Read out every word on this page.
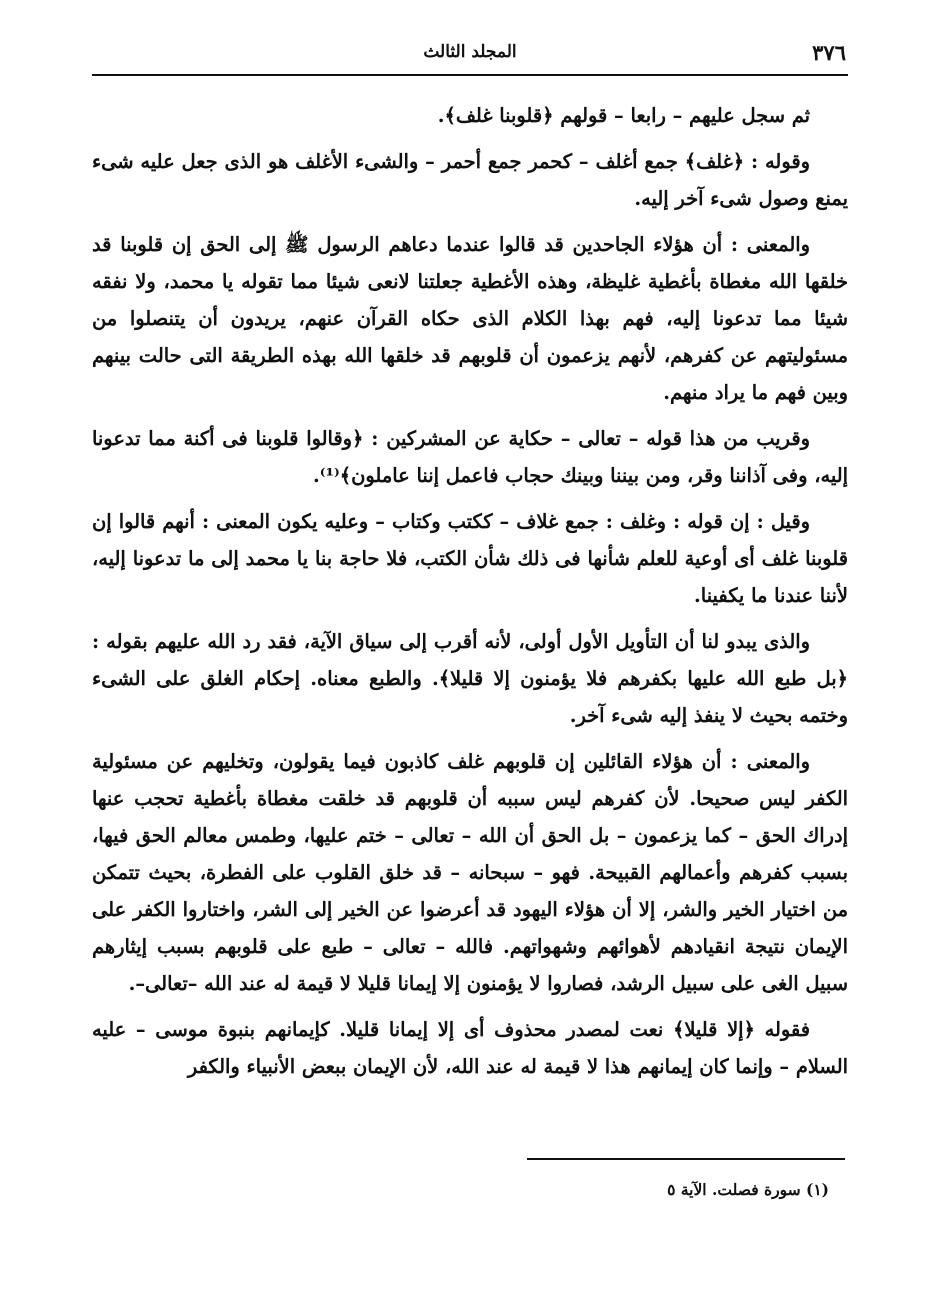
٣٧٦
المجلد الثالث

ثم سجل عليهم – رابعا – قولهم ﴿قلوبنا غلف﴾.

وقوله : ﴿غلف﴾ جمع أغلف – كحمر جمع أحمر – والشىء الأغلف هو الذى جعل عليه شىء يمنع وصول شىء آخر إليه.

والمعنى : أن هؤلاء الجاحدين قد قالوا عندما دعاهم الرسول ﷺ إلى الحق إن قلوبنا قد خلقها الله مغطاة بأغطية غليظة، وهذه الأغطية جعلتنا لانعى شيئا مما تقوله يا محمد، ولا نفقه شيئا مما تدعونا إليه، فهم بهذا الكلام الذى حكاه القرآن عنهم، يريدون أن يتنصلوا من مسئوليتهم عن كفرهم، لأنهم يزعمون أن قلوبهم قد خلقها الله بهذه الطريقة التى حالت بينهم وبين فهم ما يراد منهم.

وقريب من هذا قوله – تعالى – حكاية عن المشركين : ﴿وقالوا قلوبنا فى أكنة مما تدعونا إليه، وفى آذاننا وقر، ومن بيننا وبينك حجاب فاعمل إننا عاملون﴾⁽¹⁾.

وقيل : إن قوله : وغلف : جمع غلاف – ككتب وكتاب – وعليه يكون المعنى : أنهم قالوا إن قلوبنا غلف أى أوعية للعلم شأنها فى ذلك شأن الكتب، فلا حاجة بنا يا محمد إلى ما تدعونا إليه، لأننا عندنا ما يكفينا.

والذى يبدو لنا أن التأويل الأول أولى، لأنه أقرب إلى سياق الآية، فقد رد الله عليهم بقوله : ﴿بل طبع الله عليها بكفرهم فلا يؤمنون إلا قليلا﴾. والطبع معناه. إحكام الغلق على الشىء وختمه بحيث لا ينفذ إليه شىء آخر.

والمعنى : أن هؤلاء القائلين إن قلوبهم غلف كاذبون فيما يقولون، وتخليهم عن مسئولية الكفر ليس صحيحا. لأن كفرهم ليس سببه أن قلوبهم قد خلقت مغطاة بأغطية تحجب عنها إدراك الحق – كما يزعمون – بل الحق أن الله – تعالى – ختم عليها، وطمس معالم الحق فيها، بسبب كفرهم وأعمالهم القبيحة. فهو – سبحانه – قد خلق القلوب على الفطرة، بحيث تتمكن من اختيار الخير والشر، إلا أن هؤلاء اليهود قد أعرضوا عن الخير إلى الشر، واختاروا الكفر على الإيمان نتيجة انقيادهم لأهوائهم وشهواتهم. فالله – تعالى – طبع على قلوبهم بسبب إيثارهم سبيل الغى على سبيل الرشد، فصاروا لا يؤمنون إلا إيمانا قليلا لا قيمة له عند الله –تعالى–.

فقوله ﴿إلا قليلا﴾ نعت لمصدر محذوف أى إلا إيمانا قليلا. كإيمانهم بنبوة موسى – عليه السلام – وإنما كان إيمانهم هذا لا قيمة له عند الله، لأن الإيمان ببعض الأنبياء والكفر

(١) سورة فصلت. الآية ٥
